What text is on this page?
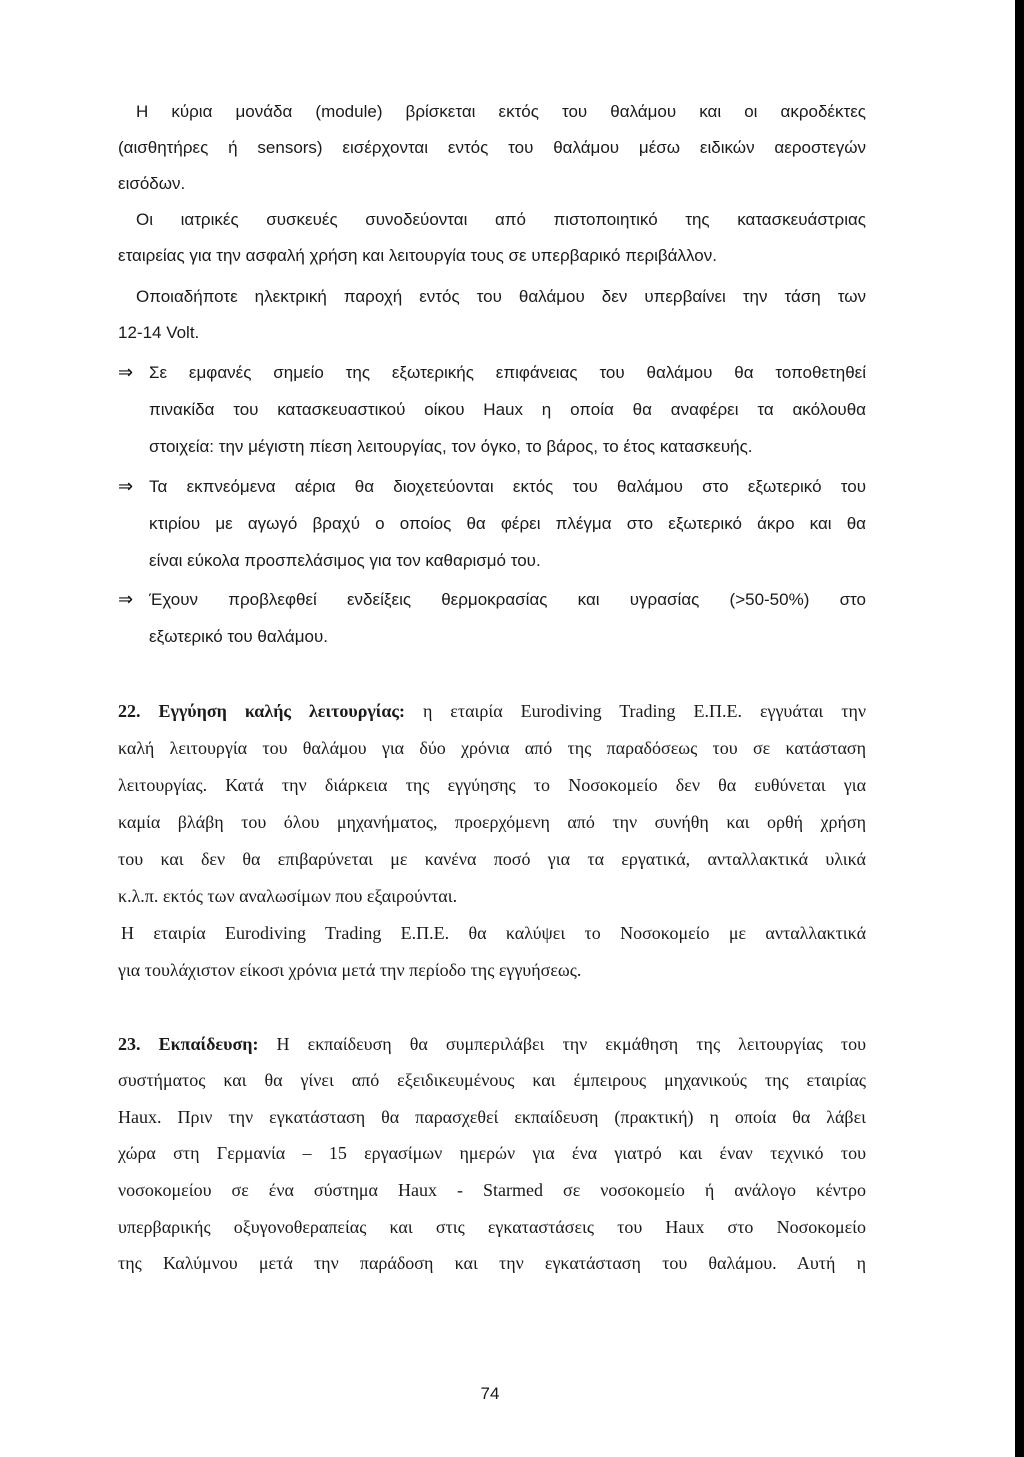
Η κύρια μονάδα (module) βρίσκεται εκτός του θαλάμου και οι ακροδέκτες
(αισθητήρες ή sensors) εισέρχονται εντός του θαλάμου μέσω ειδικών αεροστεγών
εισόδων.
Οι ιατρικές συσκευές συνοδεύονται από πιστοποιητικό της κατασκευάστριας
εταιρείας για την ασφαλή χρήση και λειτουργία τους σε υπερβαρικό περιβάλλον.
Οποιαδήποτε ηλεκτρική παροχή εντός του θαλάμου δεν υπερβαίνει την τάση των
12-14 Volt.
⇒ Σε εμφανές σημείο της εξωτερικής επιφάνειας του θαλάμου θα τοποθετηθεί
πινακίδα του κατασκευαστικού οίκου Haux η οποία θα αναφέρει τα ακόλουθα
στοιχεία: την μέγιστη πίεση λειτουργίας, τον όγκο, το βάρος, το έτος κατασκευής.
⇒ Τα εκπνεόμενα αέρια θα διοχετεύονται εκτός του θαλάμου στο εξωτερικό του
κτιρίου με αγωγό βραχύ ο οποίος θα φέρει πλέγμα στο εξωτερικό άκρο και θα
είναι εύκολα προσπελάσιμος για τον καθαρισμό του.
⇒ Έχουν προβλεφθεί ενδείξεις θερμοκρασίας και υγρασίας (>50-50%) στο
εξωτερικό του θαλάμου.
22. Εγγύηση καλής λειτουργίας: η εταιρία Eurodiving Trading Ε.Π.Ε. εγγυάται την
καλή λειτουργία του θαλάμου για δύο χρόνια από της παραδόσεως του σε κατάσταση
λειτουργίας. Κατά την διάρκεια της εγγύησης το Νοσοκομείο δεν θα ευθύνεται για
καμία βλάβη του όλου μηχανήματος, προερχόμενη από την συνήθη και ορθή χρήση
του και δεν θα επιβαρύνεται με κανένα ποσό για τα εργατικά, ανταλλακτικά υλικά
κ.λ.π. εκτός των αναλωσίμων που εξαιρούνται.
Η εταιρία Eurodiving Trading Ε.Π.Ε. θα καλύψει το Νοσοκομείο με ανταλλακτικά
για τουλάχιστον είκοσι χρόνια μετά την περίοδο της εγγυήσεως.
23. Εκπαίδευση: Η εκπαίδευση θα συμπεριλάβει την εκμάθηση της λειτουργίας του
συστήματος και θα γίνει από εξειδικευμένους και έμπειρους μηχανικούς της εταιρίας
Haux. Πριν την εγκατάσταση θα παρασχεθεί εκπαίδευση (πρακτική) η οποία θα λάβει
χώρα στη Γερμανία – 15 εργασίμων ημερών για ένα γιατρό και έναν τεχνικό του
νοσοκομείου σε ένα σύστημα Haux - Starmed σε νοσοκομείο ή ανάλογο κέντρο
υπερβαρικής οξυγονοθεραπείας και στις εγκαταστάσεις του Haux στο Νοσοκομείο
της Καλύμνου μετά την παράδοση και την εγκατάσταση του θαλάμου. Αυτή η
74
